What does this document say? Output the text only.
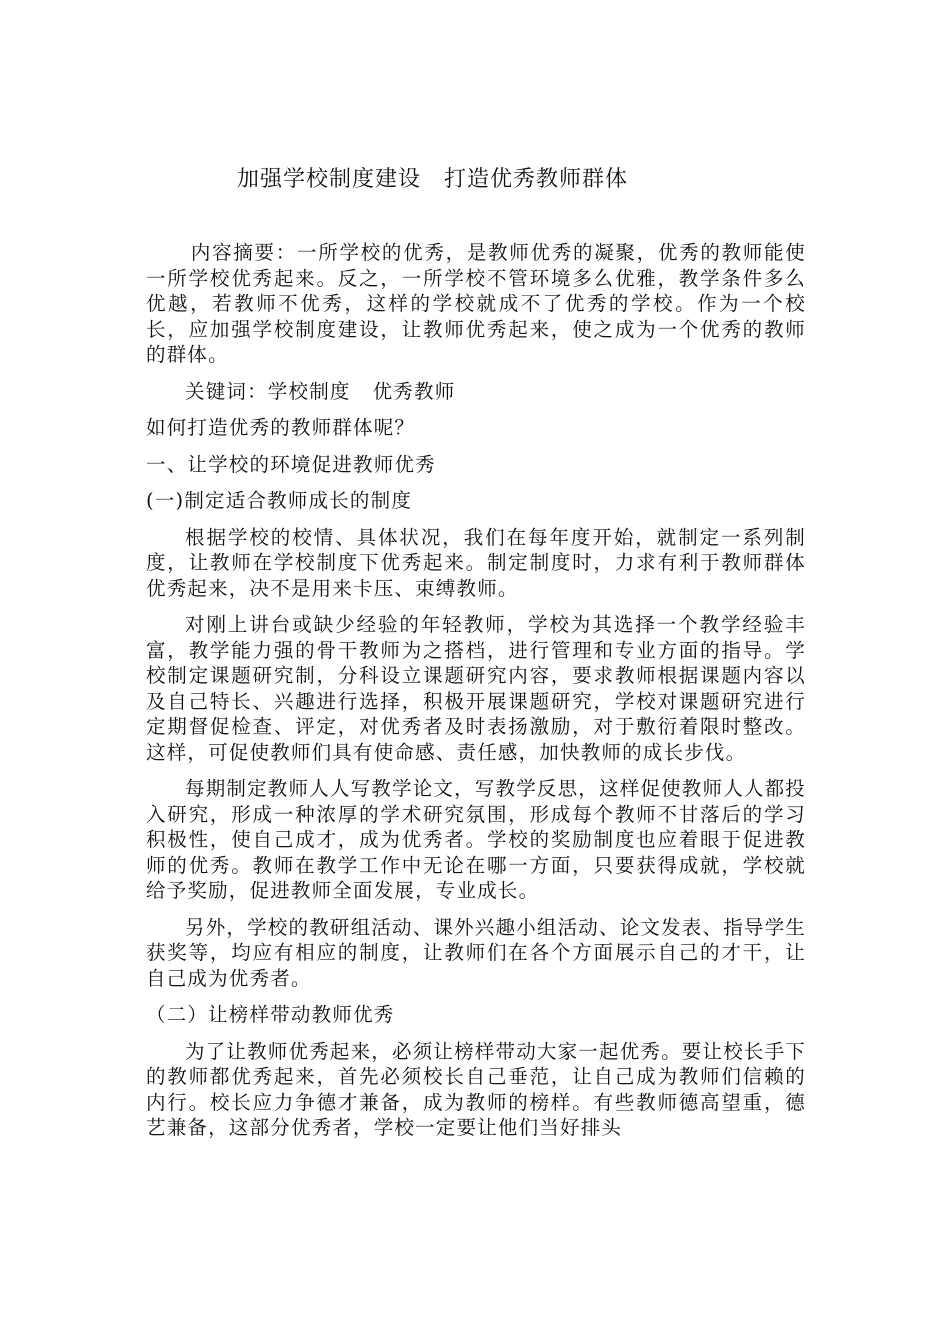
加强学校制度建设　打造优秀教师群体

内容摘要：一所学校的优秀，是教师优秀的凝聚，优秀的教师能使一所学校优秀起来。反之，一所学校不管环境多么优雅，教学条件多么 优越，若教师不优秀，这样的学校就成不了优秀的学校。作为一个校长，应加强学校制度建设，让教师优秀起来，使之成为一个优秀的教师的群体。

关键词：学校制度 优秀教师

如何打造优秀的教师群体呢？

一、让学校的环境促进教师优秀

(一)制定适合教师成长的制度

根据学校的校情、具体状况，我们在每年度开始，就制定一系列制度，让教师在学校制度下优秀起来。制定制度时，力求有利于教师群体优秀起来，决不是用来卡压、束缚教师。

对刚上讲台或缺少经验的年轻教师，学校为其选择一个教学经验丰富，教学能力强的骨干教师为之搭档，进行管理和专业方面的指导。学校制定课题研究制，分科设立课题研究内容，要求教师根据课题内容以及自己特长、兴趣进行选择，积极开展课题研究，学校对课题研究进行定期督促检查、评定，对优秀者及时表扬激励，对于敷衍着限时整改。这样，可促使教师们具有使命感、责任感，加快教师的成长步伐。

每期制定教师人人写教学论文，写教学反思，这样促使教师人人都投入研究，形成一种浓厚的学术研究氛围，形成每个教师不甘落后的学习积极性，使自己成才，成为优秀者。学校的奖励制度也应着眼于促进教师的优秀。教师在教学工作中无论在哪一方面，只要获得成就，学校就给予奖励，促进教师全面发展，专业成长。

另外，学校的教研组活动、课外兴趣小组活动、论文发表、指导学生获奖等，均应有相应的制度，让教师们在各个方面展示自己的才干，让自己成为优秀者。

（二）让榜样带动教师优秀

为了让教师优秀起来，必须让榜样带动大家一起优秀。要让校长手下的教师都优秀起来，首先必须校长自己垂范，让自己成为教师们信赖的内行。校长应力争德才兼备，成为教师的榜样。有些教师德高望重，德艺兼备，这部分优秀者，学校一定要让他们当好排头
